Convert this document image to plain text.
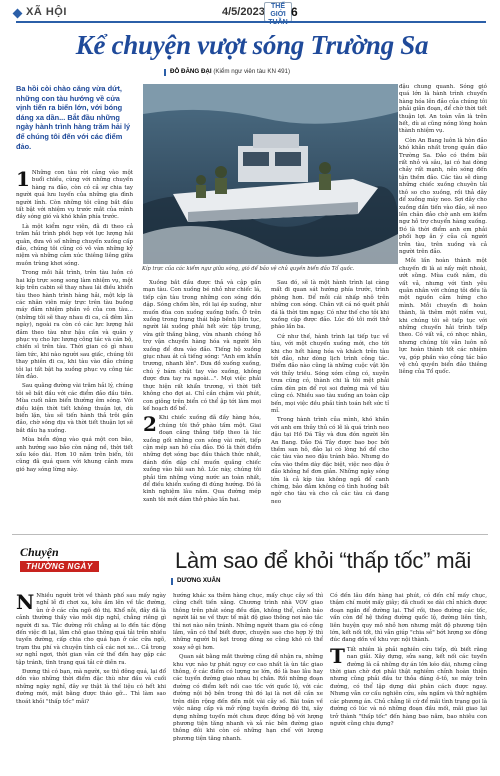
XÃ HỘI	4/5/2023 THẾ GIỚI 6
Kể chuyện vượt sóng Trường Sa
ĐỖ ĐĂNG ĐẠI (Kiểm ngư viên tàu KN 491)
Ba hồi còi chào căng vừa dứt, những con tàu hướng về cửa vịnh tiến ra biển lớn, với bóng dáng xa dần... Bắt đầu những ngày hành trình hàng trăm hải lý để chúng tôi đến với các điểm đảo.
Kíp trực của các kiểm ngư giữa sóng, gió để bảo vệ chủ quyền biển đảo Tổ quốc.

1 Những con tàu rời cảng vào một buổi chiều, cùng với những chuyến hàng ra đảo, còn có cả sự chia tay người quá lưu luyến của những gia đình người lính. Còn những tôi cũng bắt đầu tất bật với nhiệm vụ trước mắt của mình đầy sóng gió và khó khăn phía trước.

Là một kiểm ngư viên, đã đi theo cả trăm hải trình phối hợp với lực lượng hải quân, đưa vô số những chuyến xuống cấp đảo, chúng tôi cũng có vô vàn những kỷ niệm và những cảm xúc thiêng liêng giữa muôn trùng khơi sóng.

Trong mỗi hải trình, trên tàu luôn có hai kíp trực song song làm nhiệm vụ, một kíp trên cabin sẽ thay nhau lái điều khiển tàu theo hành trình hàng hải, một kíp là các nhân viên máy trực trên tàu buồng máy đảm nhiệm phần vỏ của con tàu... (những tôi sẽ thay nhau đi ca, cả đêm lẫn ngày), ngoài ra còn có các lực lượng hải đảm theo tàu như hậu cần và quân y phục vụ cho lực lượng công tác và cán bộ, chiến sĩ trên tàu. Thời gian có gì nhau làm tức, khi nào người sau giấc, chúng tôi thay phiên đi ca, khi tàu vào đảo chúng tôi lại tất bật hạ xuồng phục vụ công tác lên đảo.

Sau quãng đường vài trăm hải lý, chúng tôi sẽ bắt đầu với các điểm đảo đầu tiên. Mùa cuối năm biển thường êm sóng. Với điều kiện thời tiết không thuận lợi, dù biển lặn, tàu sẽ tiến hành thả trôi gần đảo, chờ sóng dịu và thời tiết thuận lợi sẽ bắt đầu hạ xuồng.

Mùa biển động vào quá một con bão, anh hướng sao bảo còn nặng nề, thời tiết xấu kéo dài. Hơn 10 năm trên biển, tôi cũng đã quá quen với khung cảnh mưa gió hay sóng lừng này.

Xuồng bắt đầu được thả và cập gần mạn tàu. Con xuồng bé nhỏ như chiếc lá, tiếp cận tàu trong những con sóng dồn dập. Sóng chồm lên, rồi lại ép xuống, như muốn đùa con xuồng xuống biển. Ở trên xuồng trong trạng thái bập bềnh liên tục, người lái xuồng phải hết sức tập trung, vừa giữ thăng bằng, vừa nhanh chóng hỗ trợ vận chuyển hàng hóa và người lên xuồng để đưa vào đảo. Tiếng hộ xuồng giục nhau át cả tiếng sóng: "Anh em khẩn trương, nhanh lên". Đưa đồ xuống xuồng, chú ý bám chặt tay vào xuồng, không được đưa tay ra ngoài...". Mọi việc phải thực hiện rất khẩn trương, vì thời tiết không cho đợi ai. Chỉ cần chậm vài phút, con giông trên biển có thể ập tới làm mọi kế hoạch đổ bể.

2 Khi chiếc xuồng đã đầy hàng hóa, chúng tôi thở phào tấm một. Giai đoạn căng thẳng tiếp theo là lúc xuồng gối những con sóng vài mét, tiếp cận mép san hô của đảo. Đó là thời điểm những đợt sóng bạc đầu thách thức nhất, đánh dồn dập chỉ muốn quăng chiếc xuồng vào bãi san hô. Lúc này, chúng tôi phải tìm những vùng nước an toàn nhất, để điều khiển xuồng đi đúng hướng. Đó là kinh nghiệm lâu năm. Qua đường mép xanh tôi mới dám thở phào lần hai.

Sau đó, sẽ là một hành trình lại càng mất đi quan sát hướng phía trước, trình phòng hơn. Để mỗi cái nhấp nhô trên những con sóng. Chân vịt cá nó quét phải đá là thời tim ngay. Có như thế cho tôi khi xuồng cập được đảo. Lúc đó tôi mới thở phào lần ba.

Cứ như thế, hành trình lại tiếp tục về tàu, với một chuyến xuồng mới, cho tới khi cho hết hàng hóa và khách trên tàu tới đảo, như dòng lịch trình công tác. Điểm đảo nào cũng là những cuộc vật lộn với thủy triều. Sóng xóm cũng có, xuyên trưa cũng có, thành chi là tôi mệt phải cầm đèn pin để rọi soi đường mà về tàu cũng có. Nhiều sao tàu xuống an toàn cập bến, mọi việc đều phải tính toán hết sức tỉ mỉ.

Trong hành trình của mình, khó khăn với anh em thủy thủ có lẽ là quá trình neo đậu tại Hồ Đá Tây và đưa đón người lên An Bang. Đảo Đá Tây được bao bọc bởi thềm san hô, đảo lại có lòng hồ để cho các tàu vào neo đậu tránh bão. Nhưng do cửa vào thềm dày đặc biệt, việc neo đậu ở đảo không hề đơn giản. Những ngày sóng lớn là cả kíp tàu không ngủ để canh chừng, bảo đảm không có tình huống bất ngờ cho tàu và cho cả các tàu cá đang neo

đậu chung quanh. Sóng gió quá lớn là hành trình chuyển hàng hóa lên đảo của chúng tôi phải giãn đoạn, để chờ thời tiết thuận lợi. An toàn vẫn là trên hết, dù ai cũng nóng lòng hoàn thành nhiệm vụ.

Còn An Bang luôn là hòn đảo khó khăn nhất trong quần đảo Trường Sa. Đảo có thềm bãi rất nhỏ và sâu, lại có hai dòng chảy rất mạnh, nên sóng đến tận thềm đảo. Các tàu sẽ dùng những chiếc xuồng chuyên tải thô so cho xuồng, rồi thả dây để xuồng máy neo. Sợi dây cho xuồng dần tiến vào đảo, sẽ neo lên chân đảo chờ anh em kiểm ngư hỗ trợ chuyển hàng xuống. Đó là thời điểm anh em phải phối hợp ăn ý của cả người trên tàu, trên xuồng và cả người trên đảo.

Mỗi lần hoàn thành một chuyến đi là ai nấy mệt nhoài, ướt sũng. Mùa cuối năm, dù vất vả, nhưng với tình yêu quân nhân với chúng tôi đều là một nguồn cảm hứng cho mình. Mỗi chuyến đi hoàn thành, là thêm một niềm vui, khi chúng tôi sẽ tiếp tục với những chuyến hải trình tiếp theo. Có vất vả, có nhọc nhằn, nhưng chúng tôi vẫn luôn nỗ lực hoàn thành tốt các nhiệm vụ, góp phần vào công tác bảo vệ chủ quyền biển đảo thiêng liêng của Tổ quốc.

Chuyện
THƯỜNG NGÀY	Làm sao để khỏi “thấp tốc” mãi
DƯƠNG XUÂN

N Nhiều người trời về thành phố sau mấy ngày nghỉ lễ đi chơi xa, kêu ầm lên về tắc đường, ùn ứ ở các cửa ngõ đô thị. Khổ nỗi, đây đã là cảnh thường thấy vào mỗi dịp nghỉ, chẳng riêng gì người đi xa. Tắc đường rồi chẳng ai lo đến tác động đến việc đi lại, lắm chỗ giao thông quá tải trên nhiều tuyến đường, cấp chia cho quá hạn ở các cửa ngõ, trạm thu phí và chuyện tính cả các nơi xe... Cả trong sự nghỉ ngơi, thời gian vẫn cứ thế đến hay gặp các tập tránh, tình trạng quá tải cứ diễn ra.

Đương thì có bạn, mà người, xe thì đông quá, lại đổ dồn vào những thời điểm đặc thù như đầu và cuối những ngày nghỉ, đây sự thật là thế liệu có hết khi đường mới, mặt bằng được tháo gỡ... Thì làm sao thoát khỏi "thấp tốc" mãi?

hướng khác xa thêm hàng chục, mấy chục cây số thì cũng chết tiền xăng. Chương trình nhà VOV giao thông trên phát sóng đều đặn, không thể, cảnh báo người lái xe về thực tế mật độ giao thông nơi nào tắc thì nơi nào nên tránh. Những người tham gia có công lắm, vẫn có thể biết được, chuyện sao cho hợp lý thì những người bị kẹt trong dòng xe cũng khó có thể xoay sở gì hơn.

Quan sát bằng mắt thường cũng dễ nhận ra, những khu vực nào tự phát nguy cơ cao nhất là ùn tắc giao thông, ở các điểm có lượng xe lớn, đó là bao lâu hay các tuyến đường giao nhau bị chắn. Rồi những đoạn đường có điểm kết nối cao tốc với quốc lộ, với các đường nội bộ bên trong thì đó lại là nơi dễ cần xe trên diện rộng đến đến một vài cây số. Bài toán về việc nâng cấp và mở rộng tuyến đường đô thị, xây dựng những tuyến mới chưa được đồng bộ với lượng phương tiện tăng nhanh và xả rác bên đường giao thông đôi khi còn có những hạn chế với lượng phương tiện tăng nhanh.

Có đến lâu đến hàng hai phút, có đến chỉ mấy chục, thậm chí mười mấy giây; đã chuối xe dài chỉ nhích được đoạn ngắn để đường lại. Thế rồi, theo đường các tốc, vấn còn để hệ thống đường quốc lộ, đường liên tỉnh, liên huyện quy mô nhỏ hơn nhưng mật độ phương tiện lớn, kết nối tốt, thì vẫn giúp "chia sẻ" bớt lượng xe đông đúc đang dồn về khu vực nội thành.

T Tất nhiên là phải nghiên cứu tiếp, dù biết rằng nan giải. Xây dựng, sửa sang, kết nối các tuyến đường là cả những dự án lớn kéo dài, nhưng cũng thời gian chờ đợi phải thật nghiêm chỉnh hoàn thiện nhưng cũng phải đầu tư thỏa đáng ô-tô, xe máy trên đường, có thể lập dựng dài phân cách được ngay. Nhưng vẫn cơ cấu nghiên cứu, sửa ngầm và thử nghiệm các phương án. Chủ chẳng lẽ cứ để mãi tình trạng gọi là đường có lúc và nó những đoạn đầu mối, mãi giao lại trở thành "thấp tốc" đến hàng bao năm, bao nhiêu con người cũng chịu đựng?
